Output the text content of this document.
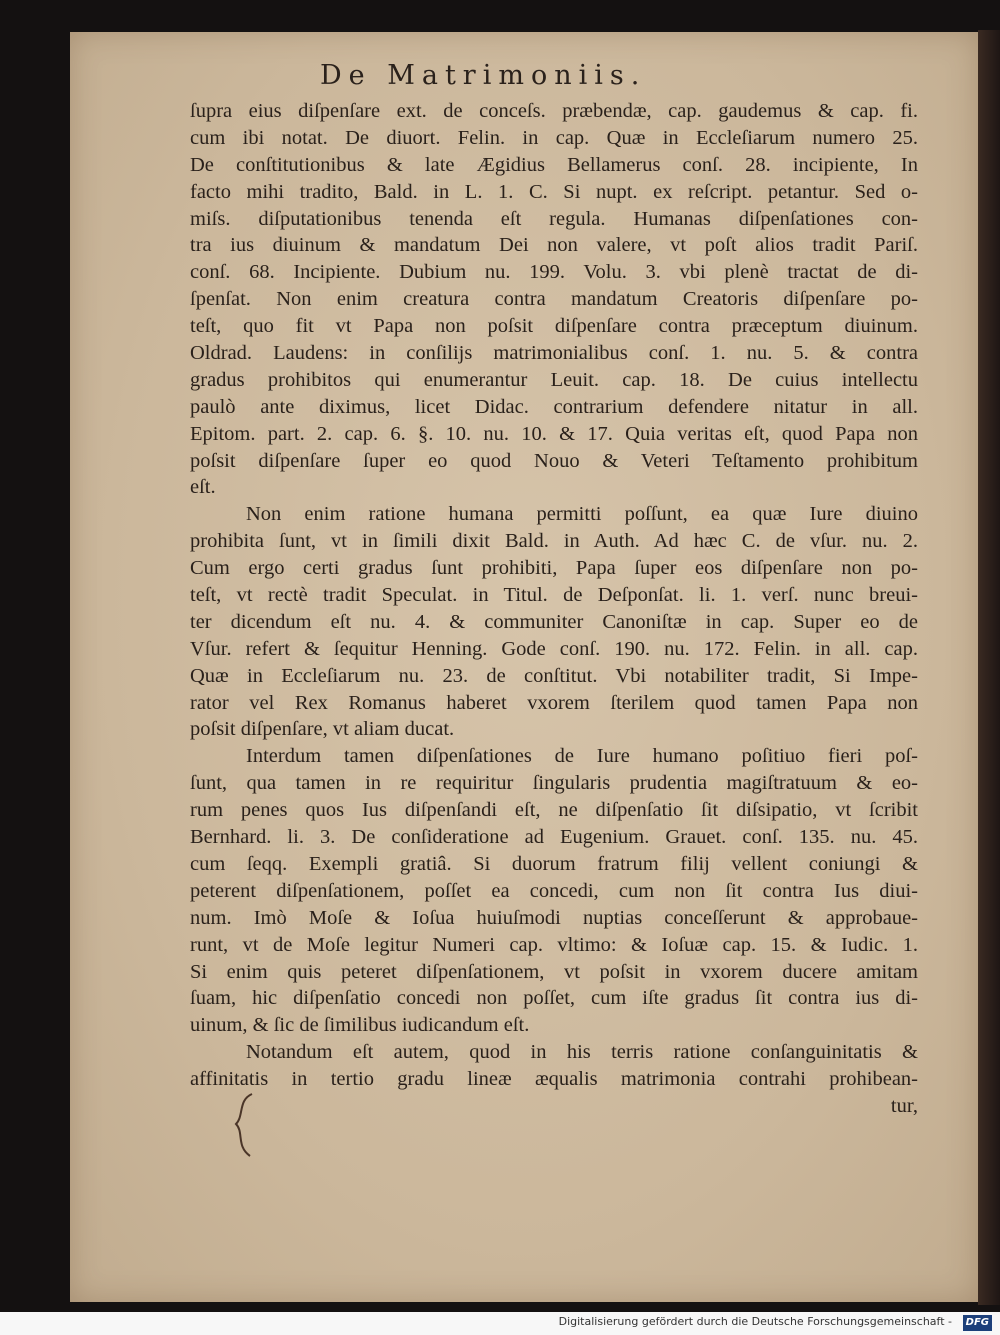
De Matrimoniis.
ſupra eius diſpenſare ext. de conceſs. præbendæ, cap. gaudemus & cap. fi.
cum ibi notat. De diuort. Felin. in cap. Quæ in Eccleſiarum numero 25.
De conſtitutionibus & late Ægidius Bellamerus conſ. 28. incipiente, In
facto mihi tradito, Bald. in L. 1. C. Si nupt. ex reſcript. petantur. Sed o-
miſs. diſputationibus tenenda eſt regula. Humanas diſpenſationes con-
tra ius diuinum & mandatum Dei non valere, vt poſt alios tradit Pariſ.
conſ. 68. Incipiente. Dubium nu. 199. Volu. 3. vbi plenè tractat de di-
ſpenſat. Non enim creatura contra mandatum Creatoris diſpenſare po-
teſt, quo fit vt Papa non poſsit diſpenſare contra præceptum diuinum.
Oldrad. Laudens: in conſilijs matrimonialibus conſ. 1. nu. 5. & contra
gradus prohibitos qui enumerantur Leuit. cap. 18. De cuius intellectu
paulò ante diximus, licet Didac. contrarium defendere nitatur in all.
Epitom. part. 2. cap. 6. §. 10. nu. 10. & 17. Quia veritas eſt, quod Papa non
poſsit diſpenſare ſuper eo quod Nouo & Veteri Teſtamento prohibitum
eſt.
Non enim ratione humana permitti poſſunt, ea quæ Iure diuino
prohibita ſunt, vt in ſimili dixit Bald. in Auth. Ad hæc C. de vſur. nu. 2.
Cum ergo certi gradus ſunt prohibiti, Papa ſuper eos diſpenſare non po-
teſt, vt rectè tradit Speculat. in Titul. de Deſponſat. li. 1. verſ. nunc breui-
ter dicendum eſt nu. 4. & communiter Canoniſtæ in cap. Super eo de
Vſur. refert & ſequitur Henning. Gode conſ. 190. nu. 172. Felin. in all. cap.
Quæ in Eccleſiarum nu. 23. de conſtitut. Vbi notabiliter tradit, Si Impe-
rator vel Rex Romanus haberet vxorem ſterilem quod tamen Papa non
poſsit diſpenſare, vt aliam ducat.
Interdum tamen diſpenſationes de Iure humano poſitiuo fieri poſ-
ſunt, qua tamen in re requiritur ſingularis prudentia magiſtratuum & eo-
rum penes quos Ius diſpenſandi eſt, ne diſpenſatio ſit diſsipatio, vt ſcribit
Bernhard. li. 3. De conſideratione ad Eugenium. Grauet. conſ. 135. nu. 45.
cum ſeqq. Exempli gratiâ. Si duorum fratrum filij vellent coniungi &
peterent diſpenſationem, poſſet ea concedi, cum non ſit contra Ius diui-
num. Imò Moſe & Ioſua huiuſmodi nuptias conceſſerunt & approbaue-
runt, vt de Moſe legitur Numeri cap. vltimo: & Ioſuæ cap. 15. & Iudic. 1.
Si enim quis peteret diſpenſationem, vt poſsit in vxorem ducere amitam
ſuam, hic diſpenſatio concedi non poſſet, cum iſte gradus ſit contra ius di-
uinum, & ſic de ſimilibus iudicandum eſt.
Notandum eſt autem, quod in his terris ratione conſanguinitatis &
affinitatis in tertio gradu lineæ æqualis matrimonia contrahi prohibean-
tur,
Digitalisierung gefördert durch die Deutsche Forschungsgemeinschaft -	DFG
